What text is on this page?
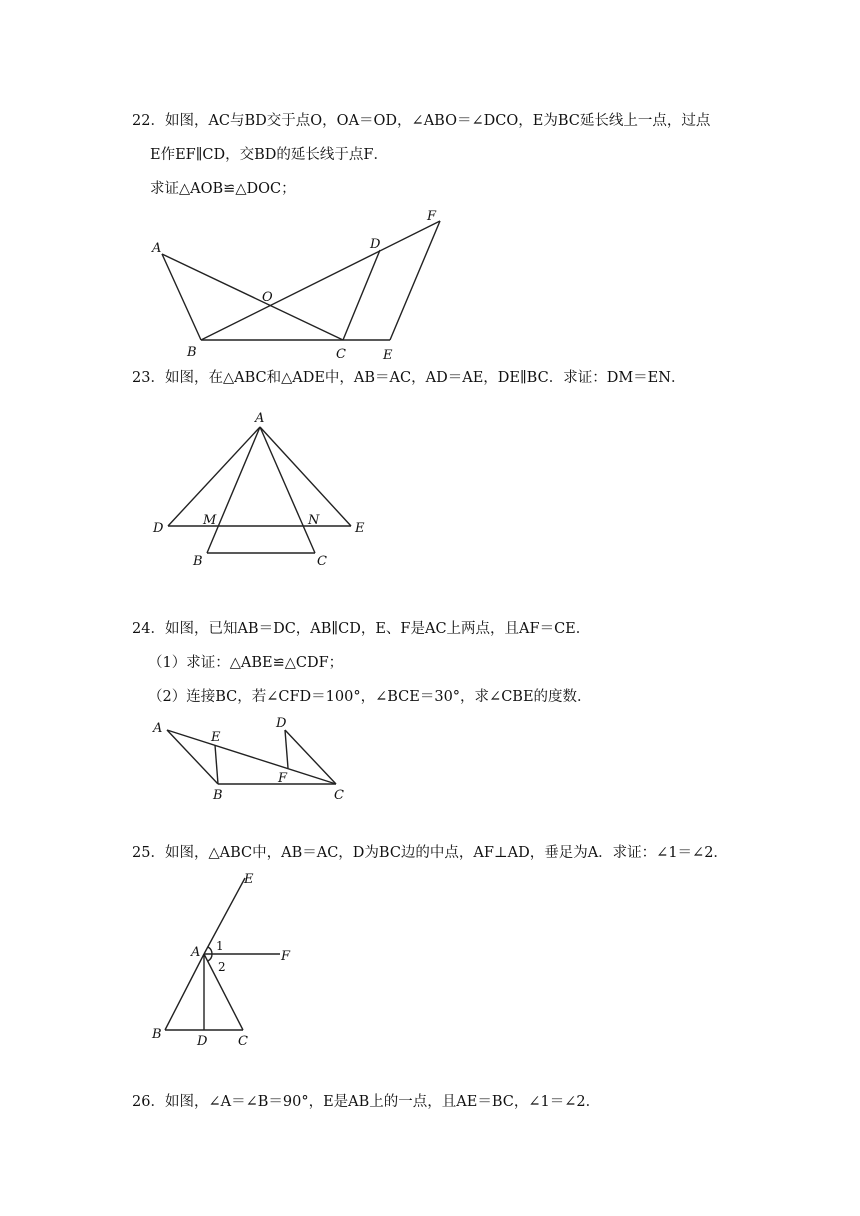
22．如图，AC与BD交于点O，OA＝OD，∠ABO＝∠DCO，E为BC延长线上一点，过点
E作EF∥CD，交BD的延长线于点F．
求证△AOB≌△DOC；
A
B	C
D
E
F
O
23．如图，在△ABC和△ADE中，AB＝AC，AD＝AE，DE∥BC．求证：DM＝EN．
A
D
M	N
E
B	C
24．如图，已知AB＝DC，AB∥CD，E、F是AC上两点，且AF＝CE．
（1）求证：△ABE≌△CDF；
（2）连接BC，若∠CFD＝100°，∠BCE＝30°，求∠CBE的度数．
A
E
D
F
B	C
25．如图，△ABC中，AB＝AC，D为BC边的中点，AF⊥AD，垂足为A．求证：∠1＝∠2．
E
A 1
2
F
B	D C
26．如图，∠A＝∠B＝90°，E是AB上的一点，且AE＝BC，∠1＝∠2．
